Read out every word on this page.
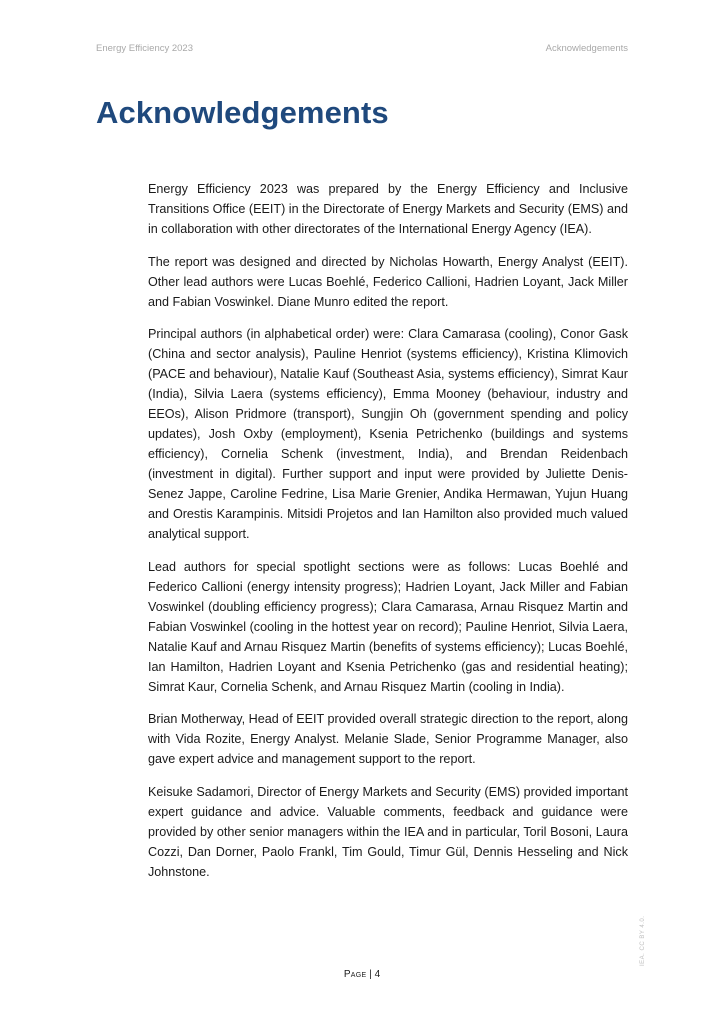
Energy Efficiency 2023	Acknowledgements
Acknowledgements

Energy Efficiency 2023 was prepared by the Energy Efficiency and Inclusive Transitions Office (EEIT) in the Directorate of Energy Markets and Security (EMS) and in collaboration with other directorates of the International Energy Agency (IEA).

The report was designed and directed by Nicholas Howarth, Energy Analyst (EEIT). Other lead authors were Lucas Boehlé, Federico Callioni, Hadrien Loyant, Jack Miller and Fabian Voswinkel. Diane Munro edited the report.

Principal authors (in alphabetical order) were: Clara Camarasa (cooling), Conor Gask (China and sector analysis), Pauline Henriot (systems efficiency), Kristina Klimovich (PACE and behaviour), Natalie Kauf (Southeast Asia, systems efficiency), Simrat Kaur (India), Silvia Laera (systems efficiency), Emma Mooney (behaviour, industry and EEOs), Alison Pridmore (transport), Sungjin Oh (government spending and policy updates), Josh Oxby (employment), Ksenia Petrichenko (buildings and systems efficiency), Cornelia Schenk (investment, India), and Brendan Reidenbach (investment in digital). Further support and input were provided by Juliette Denis-Senez Jappe, Caroline Fedrine, Lisa Marie Grenier, Andika Hermawan, Yujun Huang and Orestis Karampinis. Mitsidi Projetos and Ian Hamilton also provided much valued analytical support.

Lead authors for special spotlight sections were as follows: Lucas Boehlé and Federico Callioni (energy intensity progress); Hadrien Loyant, Jack Miller and Fabian Voswinkel (doubling efficiency progress); Clara Camarasa, Arnau Risquez Martin and Fabian Voswinkel (cooling in the hottest year on record); Pauline Henriot, Silvia Laera, Natalie Kauf and Arnau Risquez Martin (benefits of systems efficiency); Lucas Boehlé, Ian Hamilton, Hadrien Loyant and Ksenia Petrichenko (gas and residential heating); Simrat Kaur, Cornelia Schenk, and Arnau Risquez Martin (cooling in India).

Brian Motherway, Head of EEIT provided overall strategic direction to the report, along with Vida Rozite, Energy Analyst. Melanie Slade, Senior Programme Manager, also gave expert advice and management support to the report.

Keisuke Sadamori, Director of Energy Markets and Security (EMS) provided important expert guidance and advice. Valuable comments, feedback and guidance were provided by other senior managers within the IEA and in particular, Toril Bosoni, Laura Cozzi, Dan Dorner, Paolo Frankl, Tim Gould, Timur Gül, Dennis Hesseling and Nick Johnstone.

IEA. CC BY 4.0.
Page | 4
